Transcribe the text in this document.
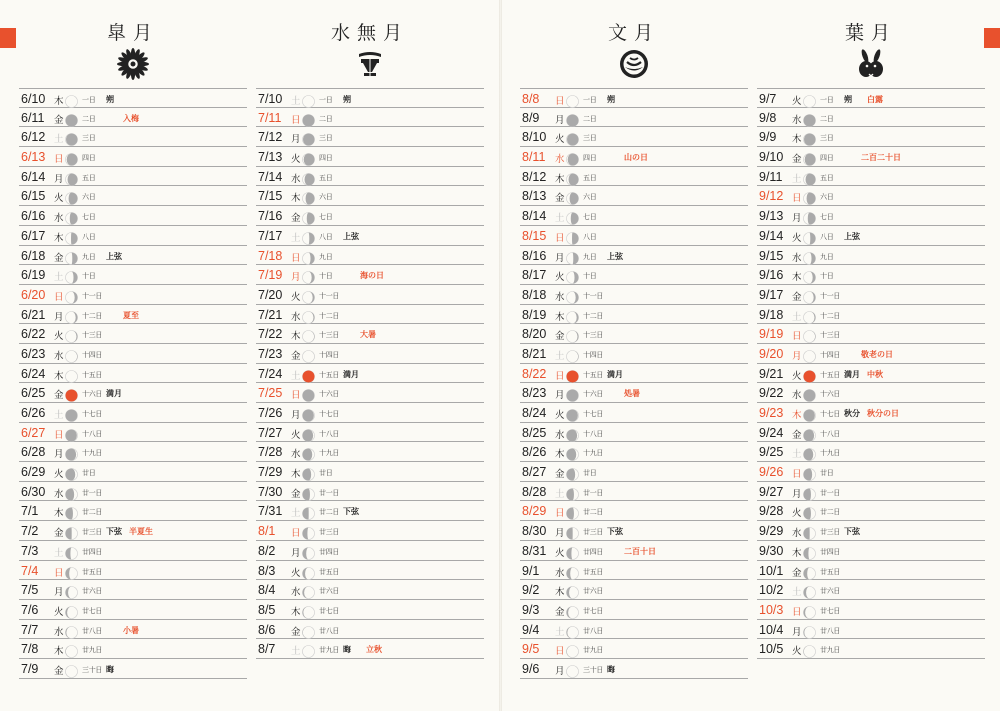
皐月
6/10 木	一日 朔
6/11 金	二日	入梅
6/12 土	三日
6/13 日	四日
6/14 月	五日
6/15 火	六日
6/16 水	七日
6/17 木	八日
6/18 金	九日 上弦
6/19 土	十日
6/20 日	十一日
6/21 月	十二日	夏至
6/22 火	十三日
6/23 水	十四日
6/24 木	十五日
6/25 金	十六日 満月
6/26 土	十七日
6/27 日	十八日
6/28 月	十九日
6/29 火	廿日
6/30 水	廿一日
7/1 木	廿二日
7/2 金	廿三日 下弦 半夏生
7/3 土	廿四日
7/4 日	廿五日
7/5 月	廿六日
7/6 火	廿七日
7/7 水	廿八日	小暑
7/8 木	廿九日
7/9 金	三十日 晦
水無月
7/10 土	一日 朔
7/11 日	二日
7/12 月	三日
7/13 火	四日
7/14 水	五日
7/15 木	六日
7/16 金	七日
7/17 土	八日 上弦
7/18 日	九日
7/19 月	十日	海の日
7/20 火	十一日
7/21 水	十二日
7/22 木	十三日	大暑
7/23 金	十四日
7/24 土	十五日 満月
7/25 日	十六日
7/26 月	十七日
7/27 火	十八日
7/28 水	十九日
7/29 木	廿日
7/30 金	廿一日
7/31 土	廿二日 下弦
8/1 日	廿三日
8/2 月	廿四日
8/3 火	廿五日
8/4 水	廿六日
8/5 木	廿七日
8/6 金	廿八日
8/7 土	廿九日 晦 立秋
文月
8/8 日	一日 朔
8/9 月	二日
8/10 火	三日
8/11 水	四日	山の日
8/12 木	五日
8/13 金	六日
8/14 土	七日
8/15 日	八日
8/16 月	九日 上弦
8/17 火	十日
8/18 水	十一日
8/19 木	十二日
8/20 金	十三日
8/21 土	十四日
8/22 日	十五日 満月
8/23 月	十六日	処暑
8/24 火	十七日
8/25 水	十八日
8/26 木	十九日
8/27 金	廿日
8/28 土	廿一日
8/29 日	廿二日
8/30 月	廿三日 下弦
8/31 火	廿四日	二百十日
9/1 水	廿五日
9/2 木	廿六日
9/3 金	廿七日
9/4 土	廿八日
9/5 日	廿九日
9/6 月	三十日 晦
葉月
9/7 火	一日 朔 白露
9/8 水	二日
9/9 木	三日
9/10 金	四日	二百二十日
9/11 土	五日
9/12 日	六日
9/13 月	七日
9/14 火	八日 上弦
9/15 水	九日
9/16 木	十日
9/17 金	十一日
9/18 土	十二日
9/19 日	十三日
9/20 月	十四日	敬老の日
9/21 火	十五日 満月 中秋
9/22 水	十六日
9/23 木	十七日 秋分 秋分の日
9/24 金	十八日
9/25 土	十九日
9/26 日	廿日
9/27 月	廿一日
9/28 火	廿二日
9/29 水	廿三日 下弦
9/30 木	廿四日
10/1 金	廿五日
10/2 土	廿六日
10/3 日	廿七日
10/4 月	廿八日
10/5 火	廿九日
